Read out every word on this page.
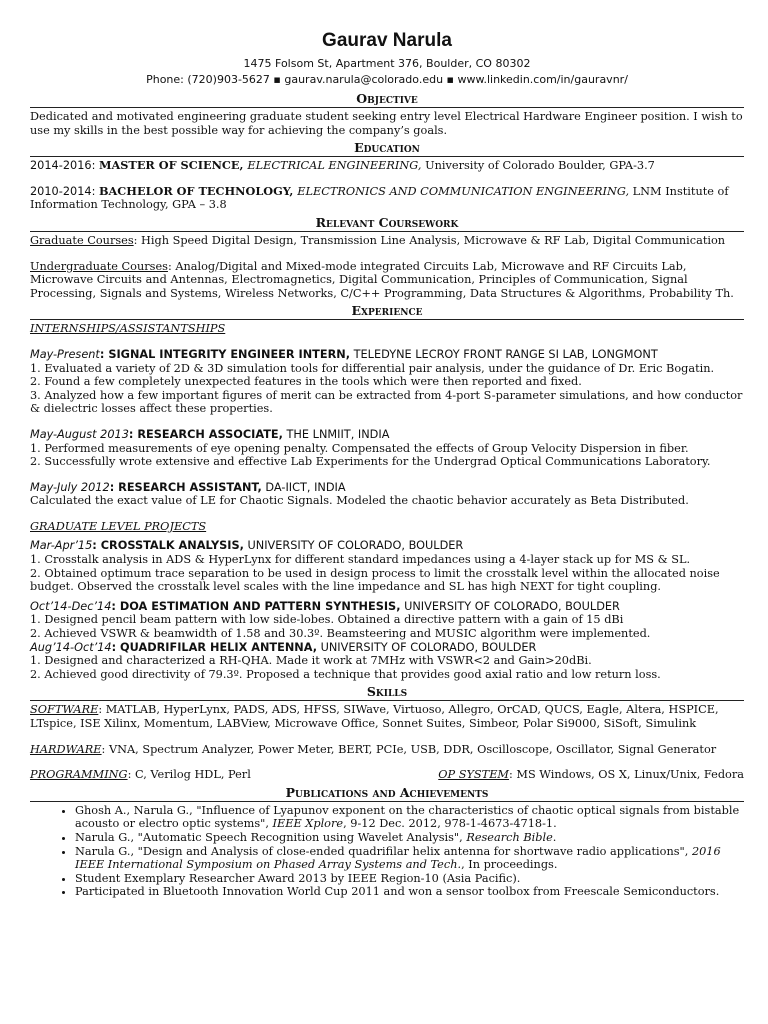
Gaurav Narula
1475 Folsom St, Apartment 376, Boulder, CO 80302
Phone: (720)903-5627 ▪ gaurav.narula@colorado.edu ▪ www.linkedin.com/in/gauravnr/
Objective

Dedicated and motivated engineering graduate student seeking entry level Electrical Hardware Engineer position. I wish to use my skills in the best possible way for achieving the company’s goals.

Education

2014-2016: MASTER OF SCIENCE, ELECTRICAL ENGINEERING, University of Colorado Boulder, GPA-3.7

2010-2014: BACHELOR OF TECHNOLOGY, ELECTRONICS AND COMMUNICATION ENGINEERING, LNM Institute of Information Technology, GPA – 3.8

Relevant Coursework

Graduate Courses: High Speed Digital Design, Transmission Line Analysis, Microwave & RF Lab, Digital Communication

Undergraduate Courses: Analog/Digital and Mixed-mode integrated Circuits Lab, Microwave and RF Circuits Lab, Microwave Circuits and Antennas, Electromagnetics, Digital Communication, Principles of Communication, Signal Processing, Signals and Systems, Wireless Networks, C/C++ Programming, Data Structures & Algorithms, Probability Th.

Experience

INTERNSHIPS/ASSISTANTSHIPS

May-Present: SIGNAL INTEGRITY ENGINEER INTERN, TELEDYNE LECROY FRONT RANGE SI LAB, LONGMONT

1. Evaluated a variety of 2D & 3D simulation tools for differential pair analysis, under the guidance of Dr. Eric Bogatin.

2. Found a few completely unexpected features in the tools which were then reported and fixed.

3. Analyzed how a few important figures of merit can be extracted from 4-port S-parameter simulations, and how conductor & dielectric losses affect these properties.

May-August 2013: RESEARCH ASSOCIATE, THE LNMIIT, INDIA

1. Performed measurements of eye opening penalty. Compensated the effects of Group Velocity Dispersion in fiber.

2. Successfully wrote extensive and effective Lab Experiments for the Undergrad Optical Communications Laboratory.

May-July 2012: RESEARCH ASSISTANT, DA-IICT, INDIA

Calculated the exact value of LE for Chaotic Signals. Modeled the chaotic behavior accurately as Beta Distributed.

GRADUATE LEVEL PROJECTS

Mar-Apr’15: CROSSTALK ANALYSIS, UNIVERSITY OF COLORADO, BOULDER

1. Crosstalk analysis in ADS & HyperLynx for different standard impedances using a 4-layer stack up for MS & SL.

2. Obtained optimum trace separation to be used in design process to limit the crosstalk level within the allocated noise budget. Observed the crosstalk level scales with the line impedance and SL has high NEXT for tight coupling.

Oct’14-Dec’14: DOA ESTIMATION AND PATTERN SYNTHESIS, UNIVERSITY OF COLORADO, BOULDER

1. Designed pencil beam pattern with low side-lobes. Obtained a directive pattern with a gain of 15 dBi

2. Achieved VSWR & beamwidth of 1.58 and 30.3º. Beamsteering and MUSIC algorithm were implemented.

Aug’14-Oct’14: QUADRIFILAR HELIX ANTENNA, UNIVERSITY OF COLORADO, BOULDER

1. Designed and characterized a RH-QHA. Made it work at 7MHz with VSWR<2 and Gain>20dBi.

2. Achieved good directivity of 79.3º. Proposed a technique that provides good axial ratio and low return loss.

Skills

SOFTWARE: MATLAB, HyperLynx, PADS, ADS, HFSS, SIWave, Virtuoso, Allegro, OrCAD, QUCS, Eagle, Altera, HSPICE, LTspice, ISE Xilinx, Momentum, LABView, Microwave Office, Sonnet Suites, Simbeor, Polar Si9000, SiSoft, Simulink

HARDWARE: VNA, Spectrum Analyzer, Power Meter, BERT, PCIe, USB, DDR, Oscilloscope, Oscillator, Signal Generator

PROGRAMMING: C, Verilog HDL, Perl	OP SYSTEM: MS Windows, OS X, Linux/Unix, Fedora
Publications and Achievements
• Ghosh A., Narula G., "Influence of Lyapunov exponent on the characteristics of chaotic optical signals from bistable acousto or electro optic systems", IEEE Xplore, 9-12 Dec. 2012, 978-1-4673-4718-1.
• Narula G., "Automatic Speech Recognition using Wavelet Analysis", Research Bible.
• Narula G., "Design and Analysis of close-ended quadrifilar helix antenna for shortwave radio applications", 2016 IEEE International Symposium on Phased Array Systems and Tech., In proceedings.
• Student Exemplary Researcher Award 2013 by IEEE Region-10 (Asia Pacific).
• Participated in Bluetooth Innovation World Cup 2011 and won a sensor toolbox from Freescale Semiconductors.
